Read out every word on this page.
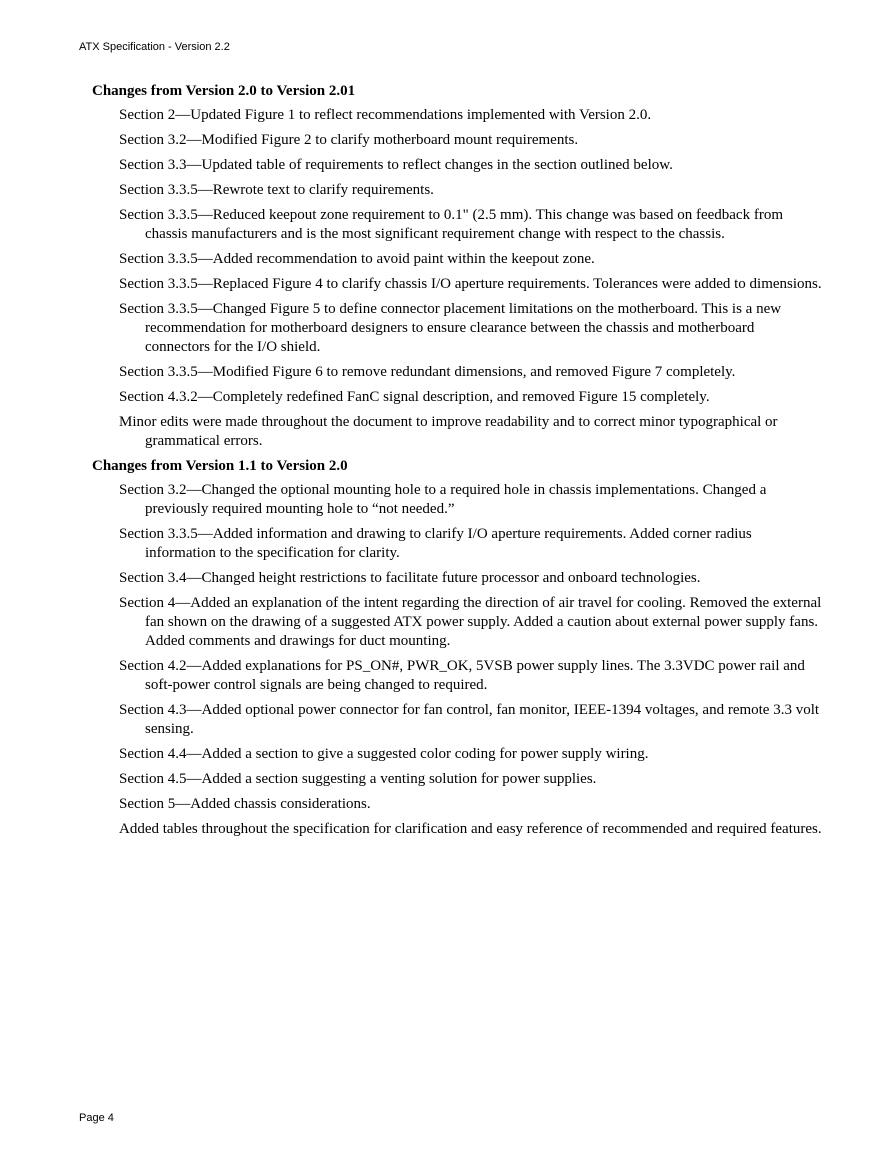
ATX Specification - Version 2.2
Changes from Version 2.0 to Version 2.01
Section 2—Updated Figure 1 to reflect recommendations implemented with Version 2.0.
Section 3.2—Modified Figure 2 to clarify motherboard mount requirements.
Section 3.3—Updated table of requirements to reflect changes in the section outlined below.
Section 3.3.5—Rewrote text to clarify requirements.
Section 3.3.5—Reduced keepout zone requirement to 0.1" (2.5 mm). This change was based on feedback from chassis manufacturers and is the most significant requirement change with respect to the chassis.
Section 3.3.5—Added recommendation to avoid paint within the keepout zone.
Section 3.3.5—Replaced Figure 4 to clarify chassis I/O aperture requirements. Tolerances were added to dimensions.
Section 3.3.5—Changed Figure 5 to define connector placement limitations on the motherboard. This is a new recommendation for motherboard designers to ensure clearance between the chassis and motherboard connectors for the I/O shield.
Section 3.3.5—Modified Figure 6 to remove redundant dimensions, and removed Figure 7 completely.
Section 4.3.2—Completely redefined FanC signal description, and removed Figure 15 completely.
Minor edits were made throughout the document to improve readability and to correct minor typographical or grammatical errors.
Changes from Version 1.1 to Version 2.0
Section 3.2—Changed the optional mounting hole to a required hole in chassis implementations. Changed a previously required mounting hole to “not needed.”
Section 3.3.5—Added information and drawing to clarify I/O aperture requirements. Added corner radius information to the specification for clarity.
Section 3.4—Changed height restrictions to facilitate future processor and onboard technologies.
Section 4—Added an explanation of the intent regarding the direction of air travel for cooling. Removed the external fan shown on the drawing of a suggested ATX power supply. Added a caution about external power supply fans. Added comments and drawings for duct mounting.
Section 4.2—Added explanations for PS_ON#, PWR_OK, 5VSB power supply lines. The 3.3VDC power rail and soft-power control signals are being changed to required.
Section 4.3—Added optional power connector for fan control, fan monitor, IEEE-1394 voltages, and remote 3.3 volt sensing.
Section 4.4—Added a section to give a suggested color coding for power supply wiring.
Section 4.5—Added a section suggesting a venting solution for power supplies.
Section 5—Added chassis considerations.
Added tables throughout the specification for clarification and easy reference of recommended and required features.
Page 4
